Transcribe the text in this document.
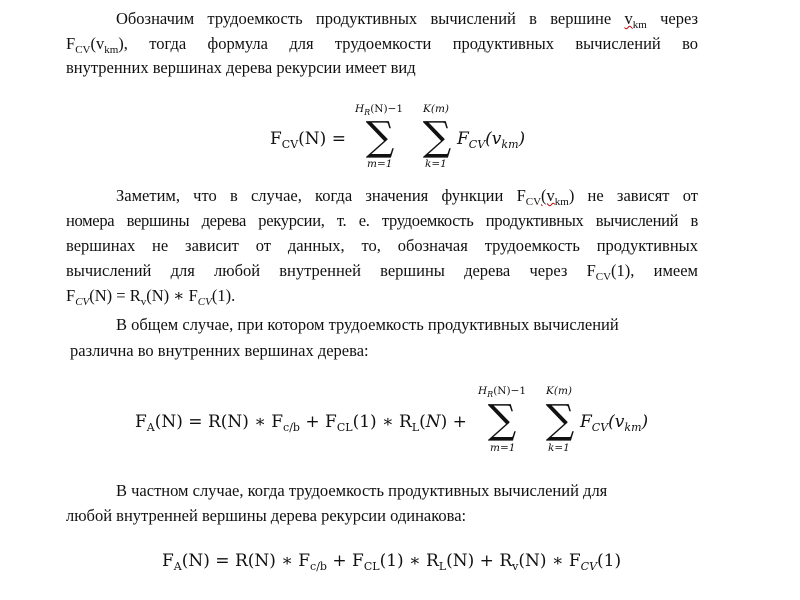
Обозначим трудоемкость продуктивных вычислений в вершине $v_{km}$ через
$F_{CV}(v_{km})$, тогда формула для трудоемкости продуктивных вычислений во
внутренних вершинах дерева рекурсии имеет вид
$F_{CV}(N)$ =
$H_R(N)-1$
∑
m=1
K(m)
∑
k=1
$F_{CV}(v_{km})$
Заметим, что в случае, когда значения функции $F_{CV}(v_{km})$ не зависят от
номера вершины дерева рекурсии, т. е. трудоемкость продуктивных вычислений в
вершинах не зависит от данных, то, обозначая трудоемкость продуктивных
вычислений для любой внутренней вершины дерева через $F_{CV}(1)$, имеем
$F_{CV}(N) = R_v(N)$ ∗ $F_{CV}(1)$.
В общем случае, при котором трудоемкость продуктивных вычислений
различна во внутренних вершинах дерева:
$F_A(N) = R(N)$ ∗ $F_{c/b} + F_{CL}(1)$ ∗ $R_L(N)$ +
$H_R(N)-1$
∑
m=1
K(m)
∑
k=1
$F_{CV}(v_{km})$
В частном случае, когда трудоемкость продуктивных вычислений для
любой внутренней вершины дерева рекурсии одинакова:
$F_A(N) = R(N)$ ∗ $F_{c/b} + F_{CL}(1)$ ∗ $R_L(N) + R_v(N)$ ∗ $F_{CV}(1)$
